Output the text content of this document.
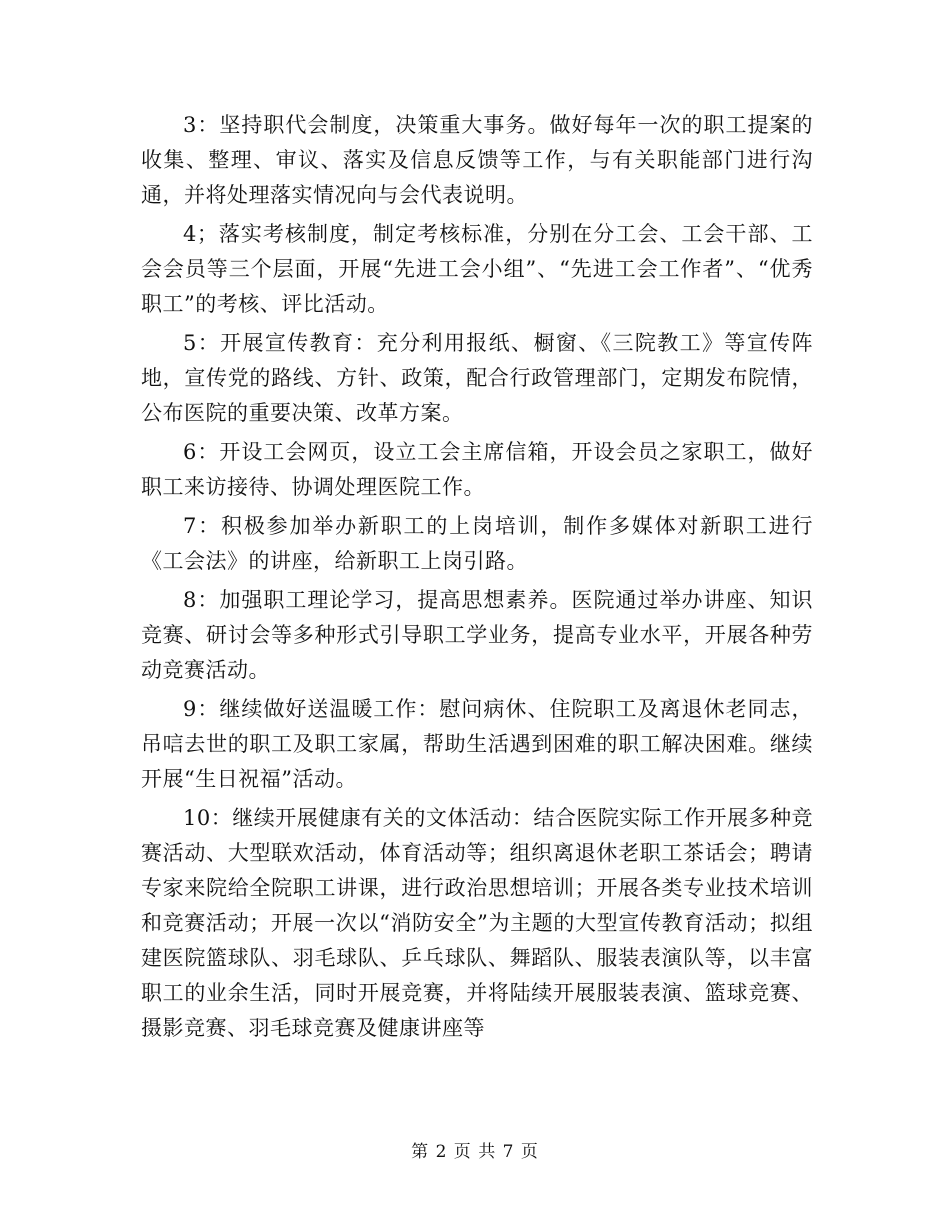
3：坚持职代会制度，决策重大事务。做好每年一次的职工提案的收集、整理、审议、落实及信息反馈等工作，与有关职能部门进行沟通，并将处理落实情况向与会代表说明。

4；落实考核制度，制定考核标准，分别在分工会、工会干部、工会会员等三个层面，开展“先进工会小组”、“先进工会工作者”、“优秀职工”的考核、评比活动。

5：开展宣传教育：充分利用报纸、橱窗、《三院教工》等宣传阵地，宣传党的路线、方针、政策，配合行政管理部门，定期发布院情，公布医院的重要决策、改革方案。

6：开设工会网页，设立工会主席信箱，开设会员之家职工，做好职工来访接待、协调处理医院工作。

7：积极参加举办新职工的上岗培训，制作多媒体对新职工进行《工会法》的讲座，给新职工上岗引路。

8：加强职工理论学习，提高思想素养。医院通过举办讲座、知识竞赛、研讨会等多种形式引导职工学业务，提高专业水平，开展各种劳动竞赛活动。

9：继续做好送温暖工作：慰问病休、住院职工及离退休老同志，吊唁去世的职工及职工家属，帮助生活遇到困难的职工解决困难。继续开展“生日祝福”活动。

10：继续开展健康有关的文体活动：结合医院实际工作开展多种竞赛活动、大型联欢活动，体育活动等；组织离退休老职工茶话会；聘请专家来院给全院职工讲课，进行政治思想培训；开展各类专业技术培训和竞赛活动；开展一次以“消防安全”为主题的大型宣传教育活动；拟组建医院篮球队、羽毛球队、乒乓球队、舞蹈队、服装表演队等，以丰富职工的业余生活，同时开展竞赛，并将陆续开展服装表演、篮球竞赛、摄影竞赛、羽毛球竞赛及健康讲座等

第 2 页 共 7 页
